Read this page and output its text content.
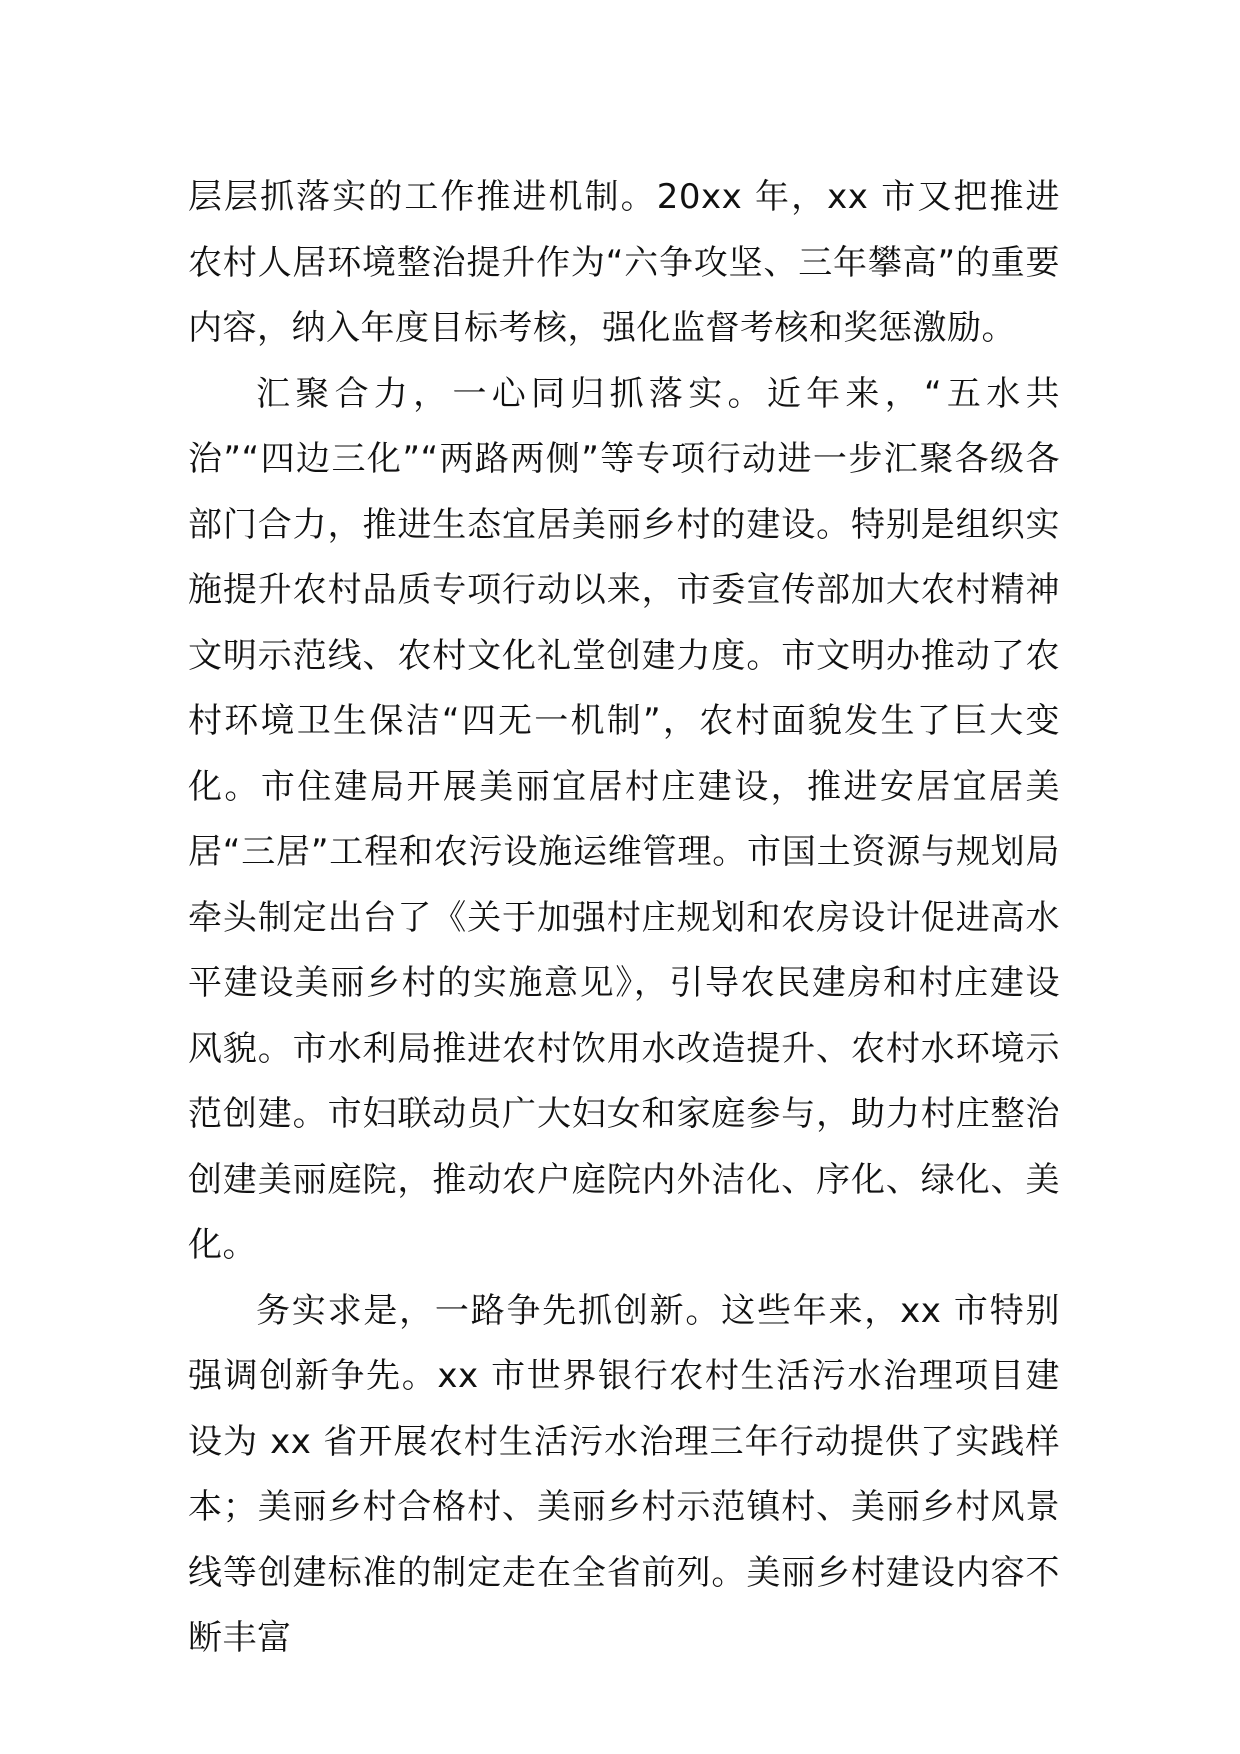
层层抓落实的工作推进机制。20xx 年，xx 市又把推进农村人居环境整治提升作为“六争攻坚、三年攀高”的重要内容，纳入年度目标考核，强化监督考核和奖惩激励。

汇聚合力，一心同归抓落实。近年来，“五水共治”“四边三化”“两路两侧”等专项行动进一步汇聚各级各部门合力，推进生态宜居美丽乡村的建设。特别是组织实施提升农村品质专项行动以来，市委宣传部加大农村精神文明示范线、农村文化礼堂创建力度。市文明办推动了农村环境卫生保洁“四无一机制”，农村面貌发生了巨大变化。市住建局开展美丽宜居村庄建设，推进安居宜居美居“三居”工程和农污设施运维管理。市国土资源与规划局牵头制定出台了《关于加强村庄规划和农房设计促进高水平建设美丽乡村的实施意见》，引导农民建房和村庄建设风貌。市水利局推进农村饮用水改造提升、农村水环境示范创建。市妇联动员广大妇女和家庭参与，助力村庄整治创建美丽庭院，推动农户庭院内外洁化、序化、绿化、美化。

务实求是，一路争先抓创新。这些年来，xx 市特别强调创新争先。xx 市世界银行农村生活污水治理项目建设为 xx 省开展农村生活污水治理三年行动提供了实践样本；美丽乡村合格村、美丽乡村示范镇村、美丽乡村风景线等创建标准的制定走在全省前列。美丽乡村建设内容不断丰富
